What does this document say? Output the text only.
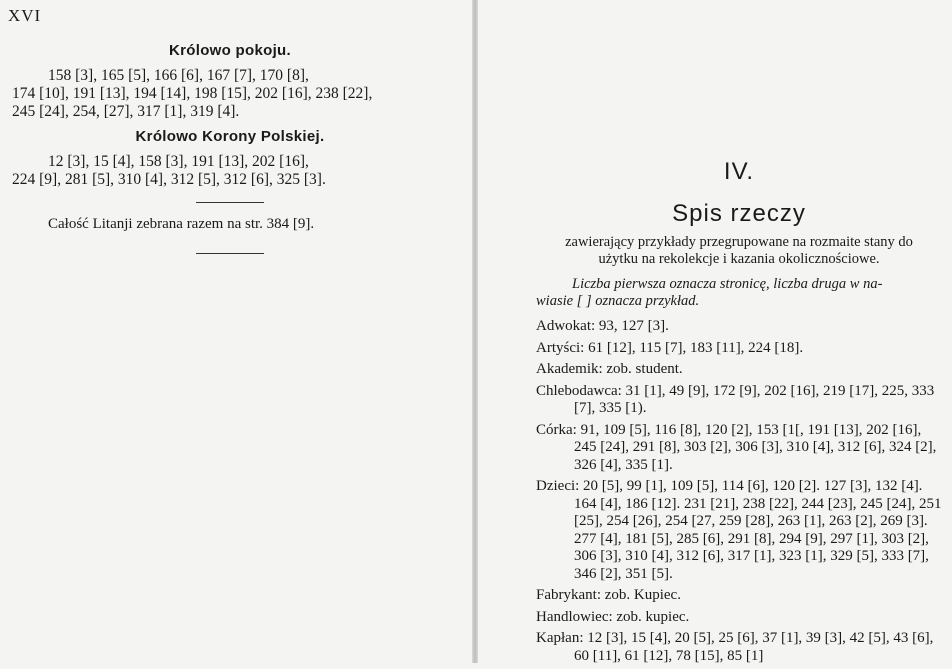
XVI
Królowo pokoju.

158 [3], 165 [5], 166 [6], 167 [7], 170 [8],

174 [10], 191 [13], 194 [14], 198 [15], 202 [16], 238 [22],

245 [24], 254, [27], 317 [1], 319 [4].

Królowo Korony Polskiej.

12 [3], 15 [4], 158 [3], 191 [13], 202 [16],

224 [9], 281 [5], 310 [4], 312 [5], 312 [6], 325 [3].

Całość Litanji zebrana razem na str. 384 [9].
IV.
Spis rzeczy
zawierający przykłady przegrupowane na rozmaite stany do
użytku na rekolekcje i kazania okolicznościowe.
Liczba pierwsza oznacza stronicę, liczba druga w na-
wiasie [ ] oznacza przykład.

Adwokat: 93, 127 [3].

Artyści: 61 [12], 115 [7], 183 [11], 224 [18].

Akademik: zob. student.

Chlebodawca: 31 [1], 49 [9], 172 [9], 202 [16], 219 [17], 225, 333 [7], 335 [1).

Córka: 91, 109 [5], 116 [8], 120 [2], 153 [1[, 191 [13], 202 [16], 245 [24], 291 [8], 303 [2], 306 [3], 310 [4], 312 [6], 324 [2], 326 [4], 335 [1].

Dzieci: 20 [5], 99 [1], 109 [5], 114 [6], 120 [2]. 127 [3], 132 [4]. 164 [4], 186 [12]. 231 [21], 238 [22], 244 [23], 245 [24], 251 [25], 254 [26], 254 [27, 259 [28], 263 [1], 263 [2], 269 [3]. 277 [4], 181 [5], 285 [6], 291 [8], 294 [9], 297 [1], 303 [2], 306 [3], 310 [4], 312 [6], 317 [1], 323 [1], 329 [5], 333 [7], 346 [2], 351 [5].

Fabrykant: zob. Kupiec.

Handlowiec: zob. kupiec.

Kapłan: 12 [3], 15 [4], 20 [5], 25 [6], 37 [1], 39 [3], 42 [5], 43 [6], 60 [11], 61 [12], 78 [15], 85 [1]
